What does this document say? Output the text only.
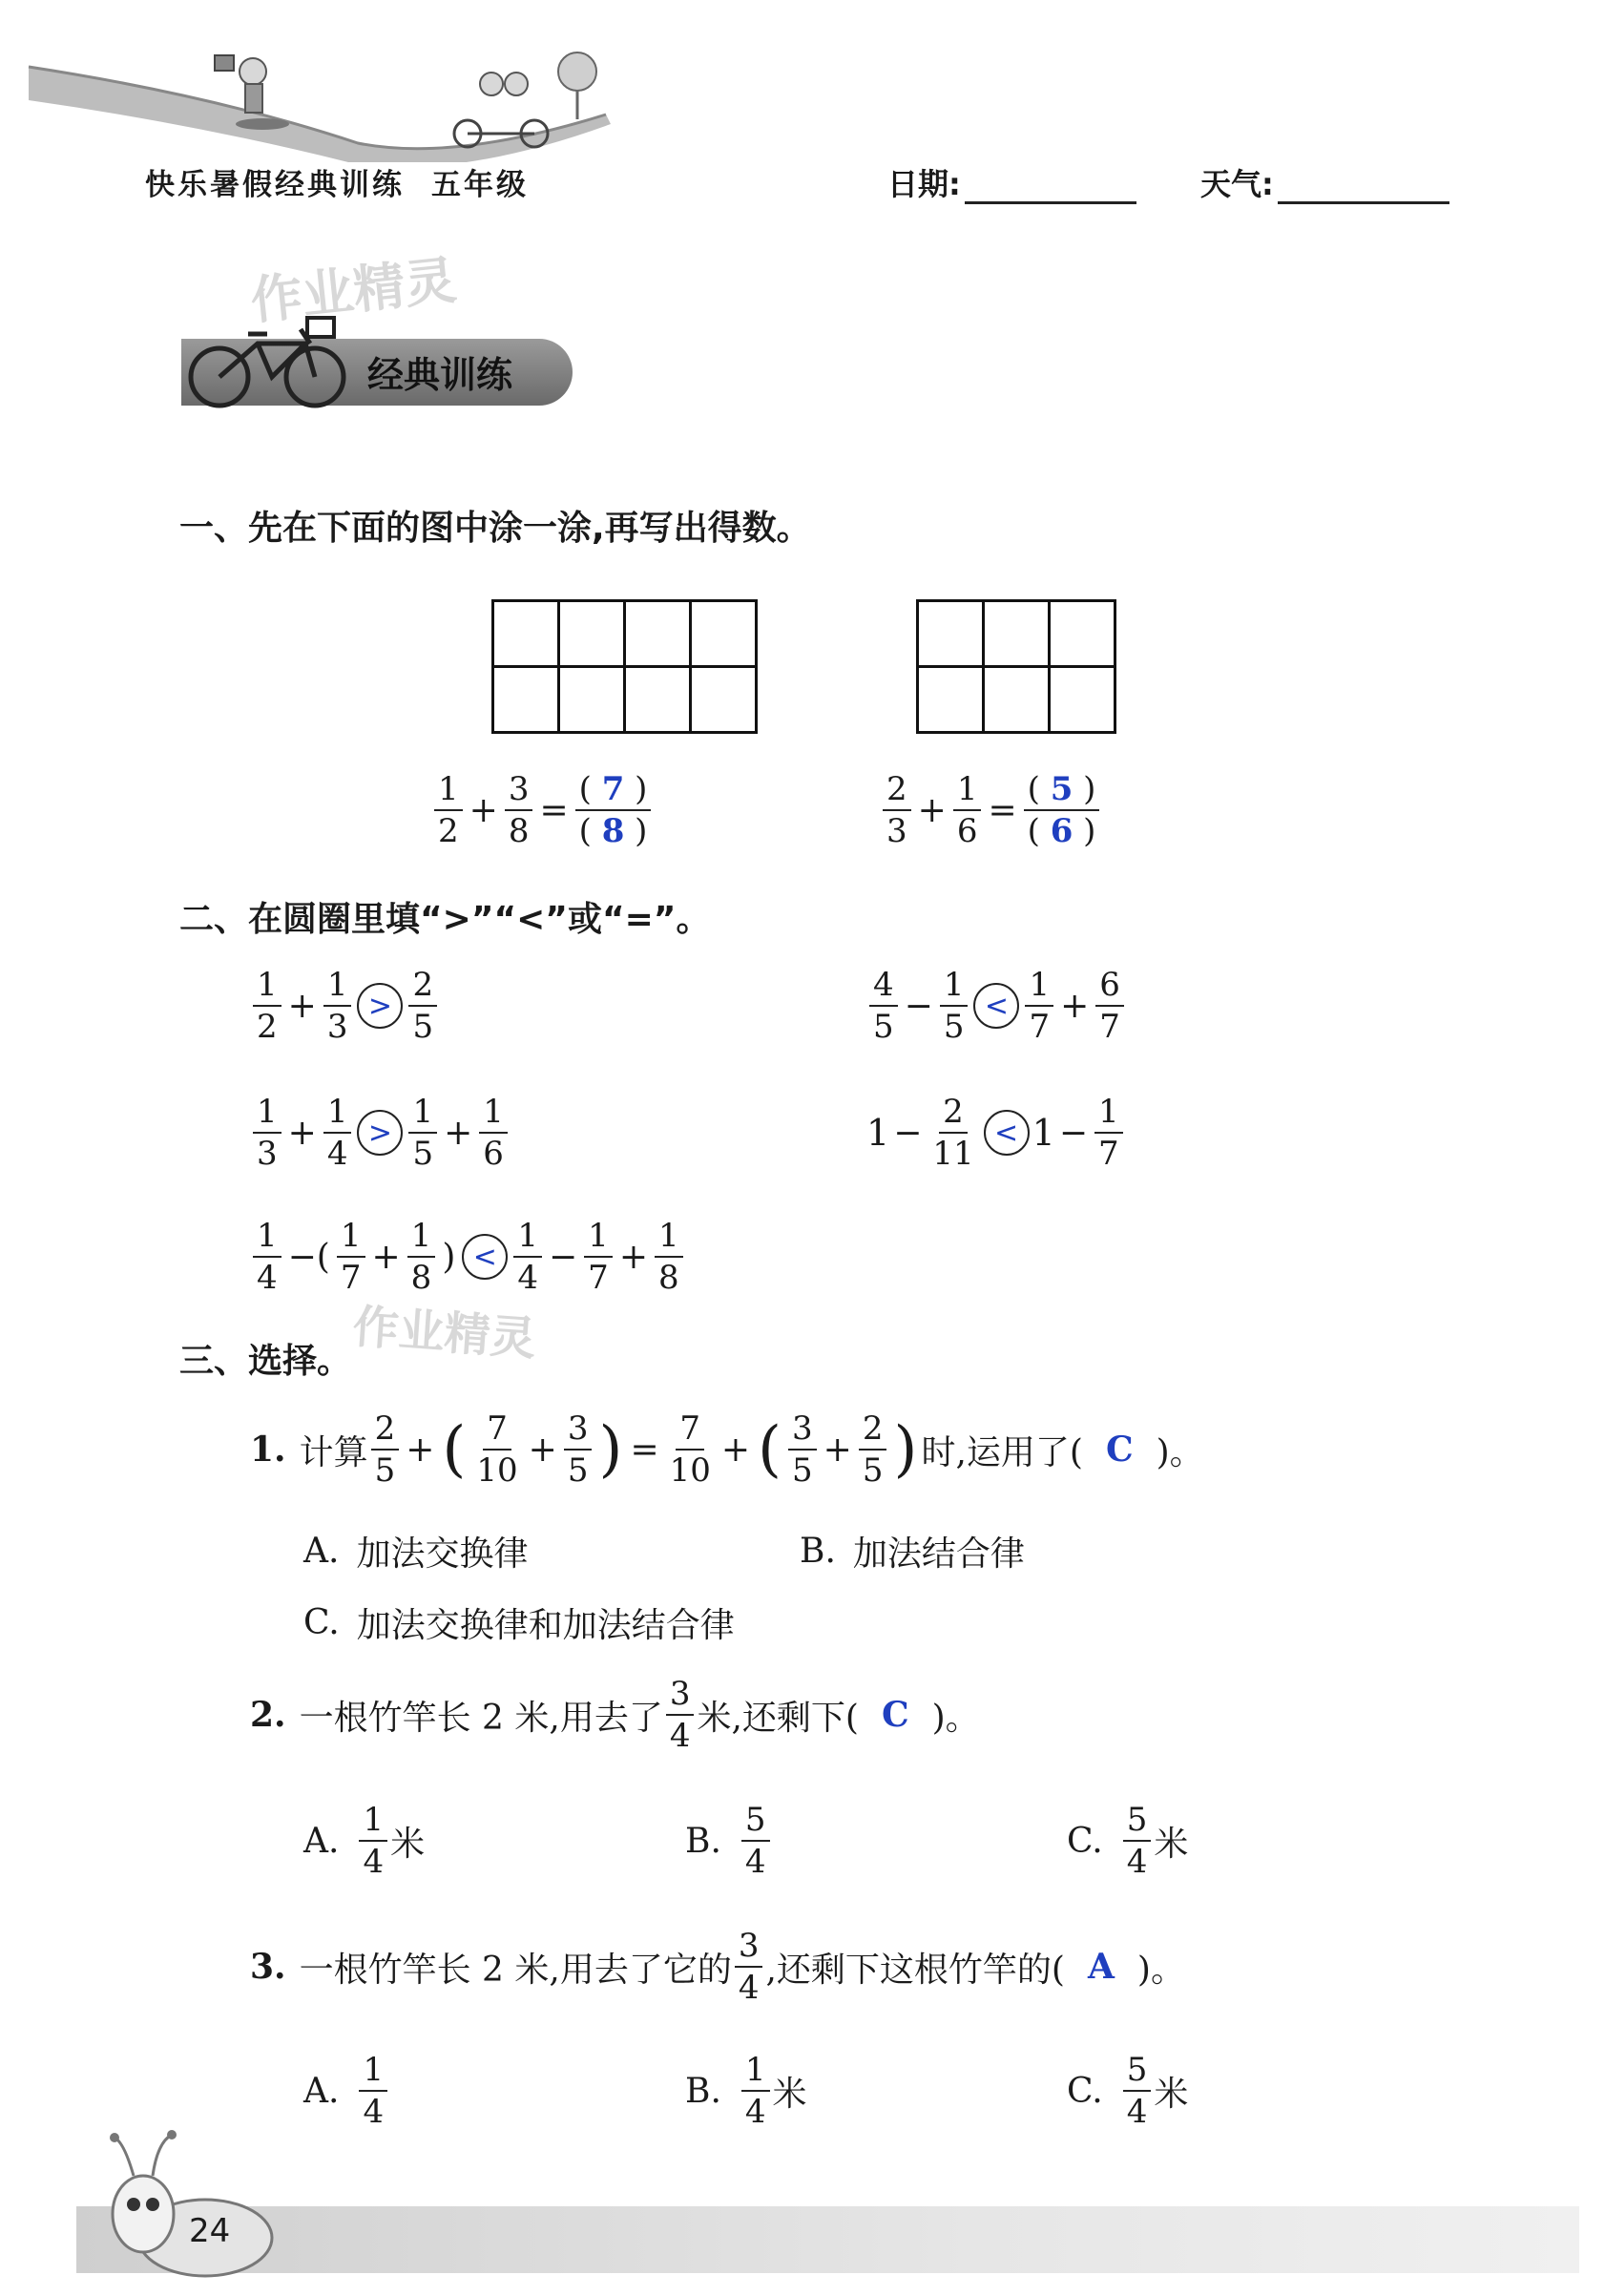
快乐暑假经典训练 五年级	日期:	天气:
作业精灵
经典训练
一、先在下面的图中涂一涂,再写出得数。

$\frac{1}{2} + \frac{3}{8} = \frac{( 7 )}{( 8 )}$	$\frac{2}{3} + \frac{1}{6} = \frac{( 5 )}{( 6 )}$
二、在圆圈里填“>”“<”或“=”。
$\frac{1}{2} + \frac{1}{3} > \frac{2}{5}$	$\frac{4}{5} - \frac{1}{5} < \frac{1}{7} + \frac{6}{7}$
$\frac{1}{3} + \frac{1}{4} > \frac{1}{5} + \frac{1}{6}$	$1 - \frac{2}{11} < 1 - \frac{1}{7}$
$\frac{1}{4}$ −( $\frac{1}{7} + \frac{1}{8}$ ) < $\frac{1}{4} - \frac{1}{7} + \frac{1}{8}$
作业精灵
三、选择。
1. 计算 $\frac{2}{5}$ + ( $\frac{7}{10} + \frac{3}{5}$ ) = $\frac{7}{10}$ + ( $\frac{3}{5} + \frac{2}{5}$ ) 时,运用了( C )。
A. 加法交换律	B. 加法结合律
C. 加法交换律和加法结合律
2. 一根竹竿长 2 米,用去了 $\frac{3}{4}$ 米,还剩下( C )。
A. $\frac{1}{4}$ 米	B. $\frac{5}{4}$	C. $\frac{5}{4}$ 米
3. 一根竹竿长 2 米,用去了它的 $\frac{3}{4}$ ,还剩下这根竹竿的( A )。
A. $\frac{1}{4}$	B. $\frac{1}{4}$ 米	C. $\frac{5}{4}$ 米
24
